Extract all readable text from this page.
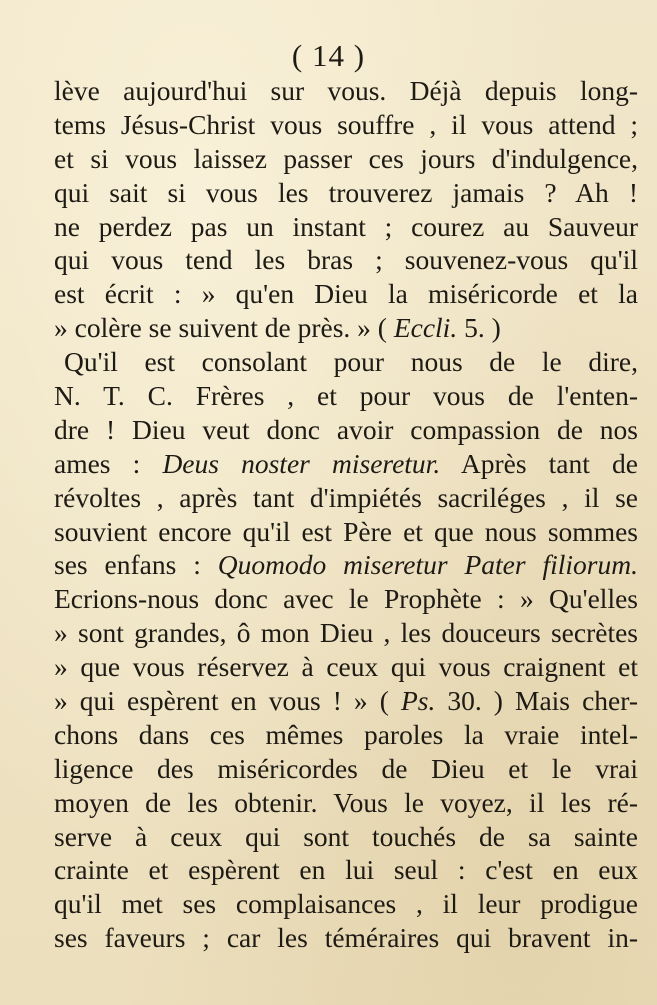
( 14 )
lève aujourd'hui sur vous. Déjà depuis long-
tems Jésus-Christ vous souffre , il vous attend ;
et si vous laissez passer ces jours d'indulgence,
qui sait si vous les trouverez jamais ? Ah !
ne perdez pas un instant ; courez au Sauveur
qui vous tend les bras ; souvenez-vous qu'il
est écrit : » qu'en Dieu la miséricorde et la
» colère se suivent de près. » ( Eccli. 5. )
Qu'il est consolant pour nous de le dire,
N. T. C. Frères , et pour vous de l'enten-
dre ! Dieu veut donc avoir compassion de nos
ames : Deus noster miseretur. Après tant de
révoltes , après tant d'impiétés sacriléges , il se
souvient encore qu'il est Père et que nous sommes
ses enfans : Quomodo miseretur Pater filiorum.
Ecrions-nous donc avec le Prophète : » Qu'elles
» sont grandes, ô mon Dieu , les douceurs secrètes
» que vous réservez à ceux qui vous craignent et
» qui espèrent en vous ! » ( Ps. 30. ) Mais cher-
chons dans ces mêmes paroles la vraie intel-
ligence des miséricordes de Dieu et le vrai
moyen de les obtenir. Vous le voyez, il les ré-
serve à ceux qui sont touchés de sa sainte
crainte et espèrent en lui seul : c'est en eux
qu'il met ses complaisances , il leur prodigue
ses faveurs ; car les téméraires qui bravent in-
